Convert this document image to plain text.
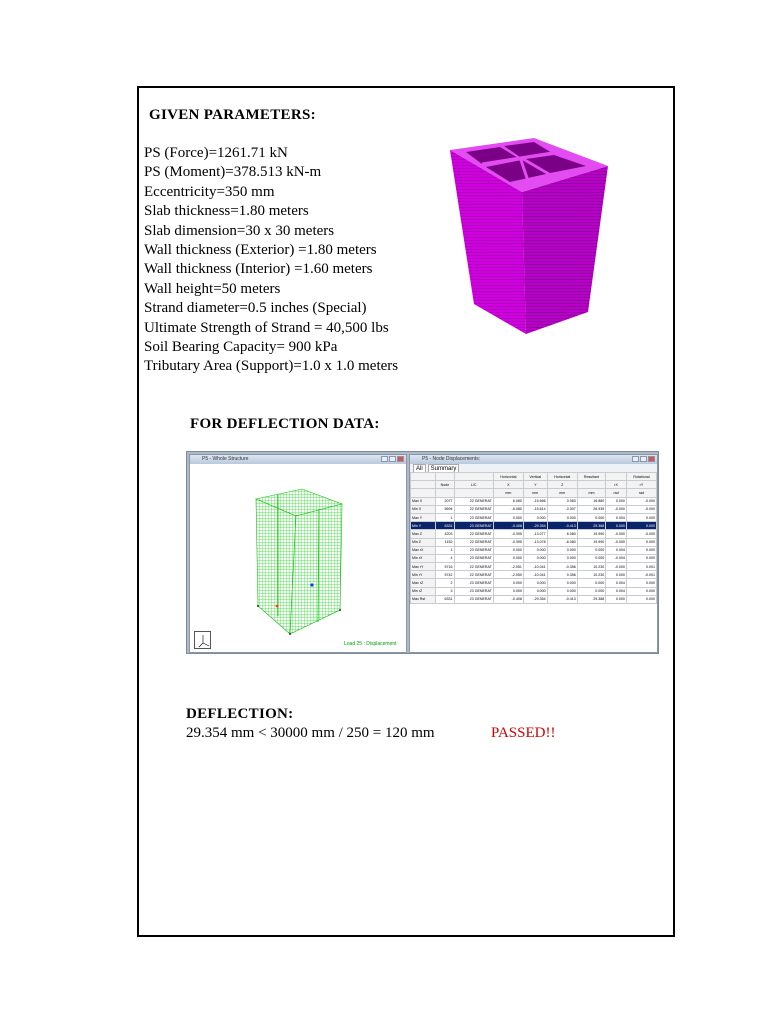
GIVEN PARAMETERS:
PS (Force)=1261.71 kN
PS (Moment)=378.513 kN-m
Eccentricity=350 mm
Slab thickness=1.80 meters
Slab dimension=30 x 30 meters
Wall thickness (Exterior) =1.80 meters
Wall thickness (Interior) =1.60 meters
Wall height=50 meters
Strand diameter=0.5 inches (Special)
Ultimate Strength of Strand = 40,500 lbs
Soil Bearing Capacity= 900 kPa
Tributary Area (Support)=1.0 x 1.0 meters
FOR DEFLECTION DATA:
P5 - Whole Structure
Load 25 : Displacement
P5 - Node Displacements:
All	Summary
			Horizontal	Vertical	Horizontal	Resultant		Rotational
	Node	L/C	X	Y	Z		rX	rY
			mm	mm	mm	mm	rad	rad
Max X	2077	22 GENERAT	6.080	-15.666	0.083	16.880	0.000	-0.000
Min X	5694	22 GENERAT	-6.080	-15.614	-0.307	26.939	-0.000	-0.000
Max Y	1	23 GENERAT	0.000	0.000	0.000	0.000	0.004	0.000
Min Y	6331	23 GENERAT	-0.408	-29.354	-0.413	29.388	0.000	0.000
Max Z	4203	22 GENERAT	-0.395	-13.077	6.080	19.990	-0.000	-0.000
Min Z	1152	22 GENERAT	-0.395	-13.078	-6.080	19.990	-0.000	0.000
Max rX	1	23 GENERAT	0.000	0.000	0.000	0.000	0.004	0.000
Min rX	4	23 GENERAT	0.000	0.000	0.000	0.000	-0.004	0.000
Max rY	5716	22 GENERAT	-2.051	-10.041	-0.356	10.230	-0.000	0.001
Min rY	5742	22 GENERAT	-2.050	-10.041	0.356	10.230	0.000	-0.001
Max rZ	2	23 GENERAT	0.000	0.000	0.000	0.000	0.004	0.000
Min rZ	3	23 GENERAT	0.000	0.000	0.000	0.000	0.004	0.000
Max Rst	6331	23 GENERAT	-0.408	-29.354	-0.413	29.388	0.000	0.000
DEFLECTION:
29.354 mm < 30000 mm / 250 = 120 mm	PASSED!!
